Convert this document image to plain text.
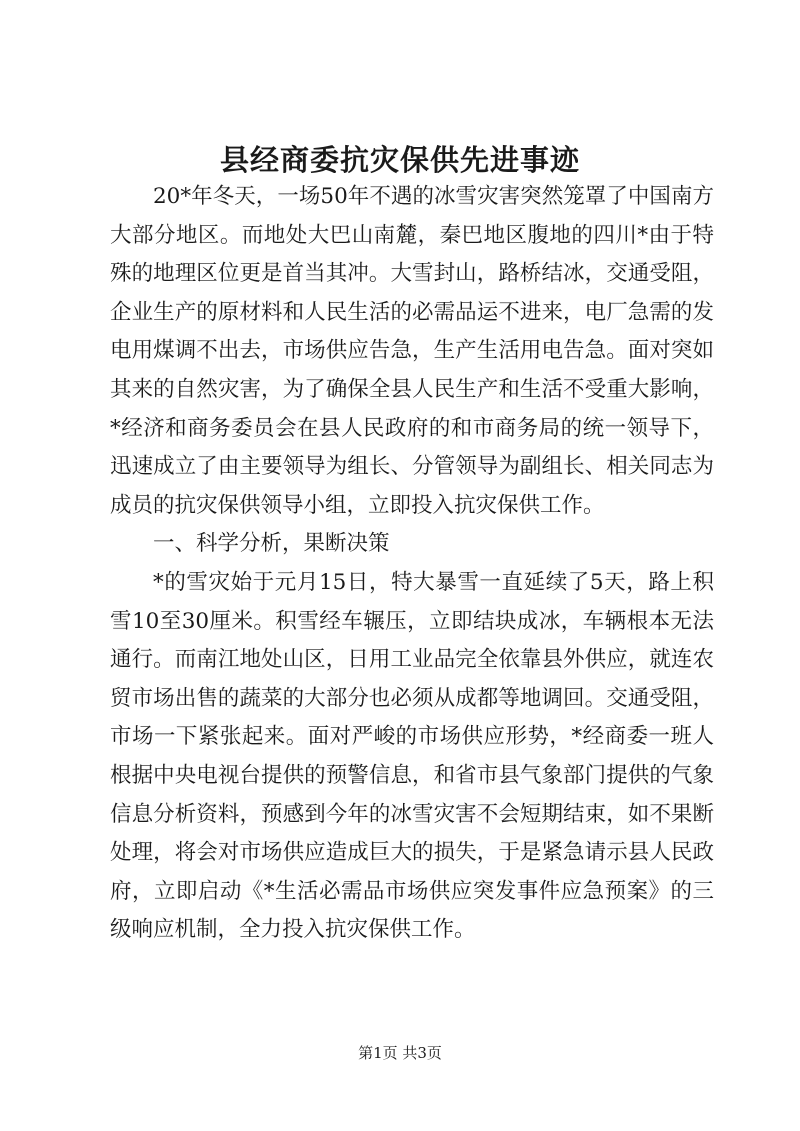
县经商委抗灾保供先进事迹

20*年冬天，一场50年不遇的冰雪灾害突然笼罩了中国南方大部分地区。而地处大巴山南麓，秦巴地区腹地的四川*由于特殊的地理区位更是首当其冲。大雪封山，路桥结冰，交通受阻，企业生产的原材料和人民生活的必需品运不进来，电厂急需的发电用煤调不出去，市场供应告急，生产生活用电告急。面对突如其来的自然灾害，为了确保全县人民生产和生活不受重大影响，*经济和商务委员会在县人民政府的和市商务局的统一领导下，迅速成立了由主要领导为组长、分管领导为副组长、相关同志为成员的抗灾保供领导小组，立即投入抗灾保供工作。

一、科学分析，果断决策

*的雪灾始于元月15日，特大暴雪一直延续了5天，路上积雪10至30厘米。积雪经车辗压，立即结块成冰，车辆根本无法通行。而南江地处山区，日用工业品完全依靠县外供应，就连农贸市场出售的蔬菜的大部分也必须从成都等地调回。交通受阻，市场一下紧张起来。面对严峻的市场供应形势，*经商委一班人根据中央电视台提供的预警信息，和省市县气象部门提供的气象信息分析资料，预感到今年的冰雪灾害不会短期结束，如不果断处理，将会对市场供应造成巨大的损失，于是紧急请示县人民政府，立即启动《*生活必需品市场供应突发事件应急预案》的三级响应机制，全力投入抗灾保供工作。

第1页 共3页
